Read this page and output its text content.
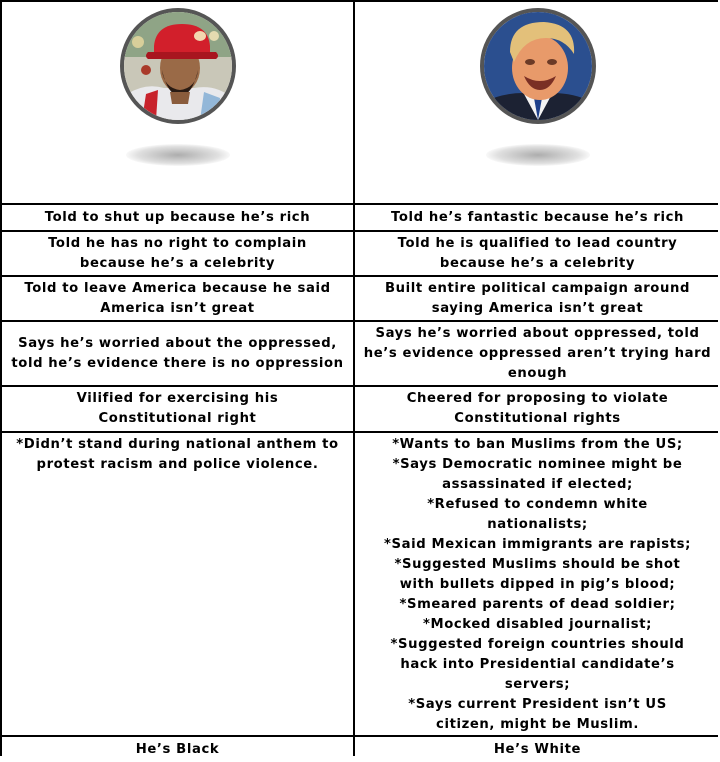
Told to shut up because he’s rich	Told he’s fantastic because he’s rich
Told he has no right to complain because he’s a celebrity
Told he is qualified to lead country because he’s a celebrity
Told to leave America because he said America isn’t great
Built entire political campaign around saying America isn’t great
Says he’s worried about the oppressed, told he’s evidence there is no oppression
Says he’s worried about oppressed, told he’s evidence oppressed aren’t trying hard enough
Vilified for exercising his Constitutional right
Cheered for proposing to violate Constitutional rights
*Didn’t stand during national anthem to protest racism and police violence.
*Wants to ban Muslims from the US;
*Says Democratic nominee might be assassinated if elected;
*Refused to condemn white nationalists;
*Said Mexican immigrants are rapists;
*Suggested Muslims should be shot with bullets dipped in pig’s blood;
*Smeared parents of dead soldier;
*Mocked disabled journalist;
*Suggested foreign countries should hack into Presidential candidate’s servers;
*Says current President isn’t US citizen, might be Muslim.
He’s Black	He’s White
